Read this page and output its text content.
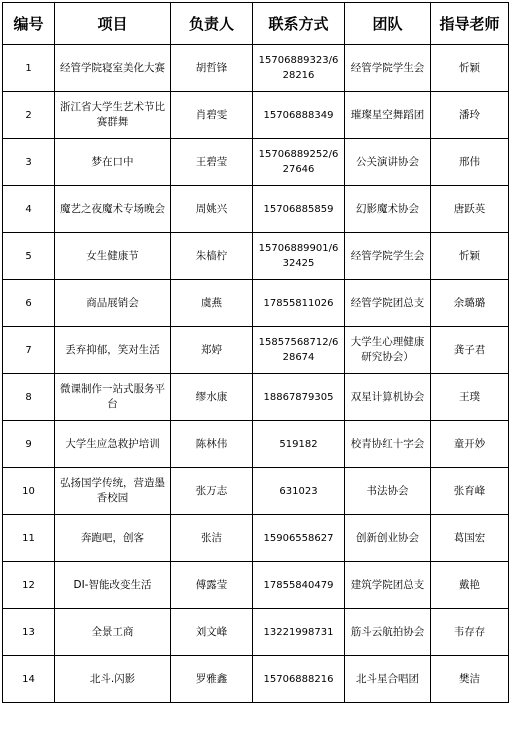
编号	项目	负责人	联系方式	团队	指导老师
1	经管学院寝室美化大赛	胡哲锋	15706889323/628216	经管学院学生会	忻颖
2	浙江省大学生艺术节比赛群舞	肖碧雯	15706888349	璀璨星空舞蹈团	潘玲
3	梦在口中	王碧莹	15706889252/627646	公关演讲协会	邢伟
4	魔艺之夜魔术专场晚会	周姚兴	15706885859	幻影魔术协会	唐跃英
5	女生健康节	朱樯柠	15706889901/632425	经管学院学生会	忻颖
6	商品展销会	虞燕	17855811026	经管学院团总支	余璐璐
7	丢弃抑郁，笑对生活	郑婷	15857568712/628674	大学生心理健康研究协会）	龚子君
8	微课制作一站式服务平台	缪水康	18867879305	双星计算机协会	王璞
9	大学生应急救护培训	陈林伟	519182	校青协红十字会	童开妙
10	弘扬国学传统，营造墨香校园	张万志	631023	书法协会	张育峰
11	奔跑吧，创客	张洁	15906558627	创新创业协会	葛国宏
12	DI-智能改变生活	傅露莹	17855840479	建筑学院团总支	戴艳
13	全景工商	刘文峰	13221998731	筋斗云航拍协会	韦存存
14	北斗.闪影	罗雅鑫	15706888216	北斗星合唱团	樊洁
